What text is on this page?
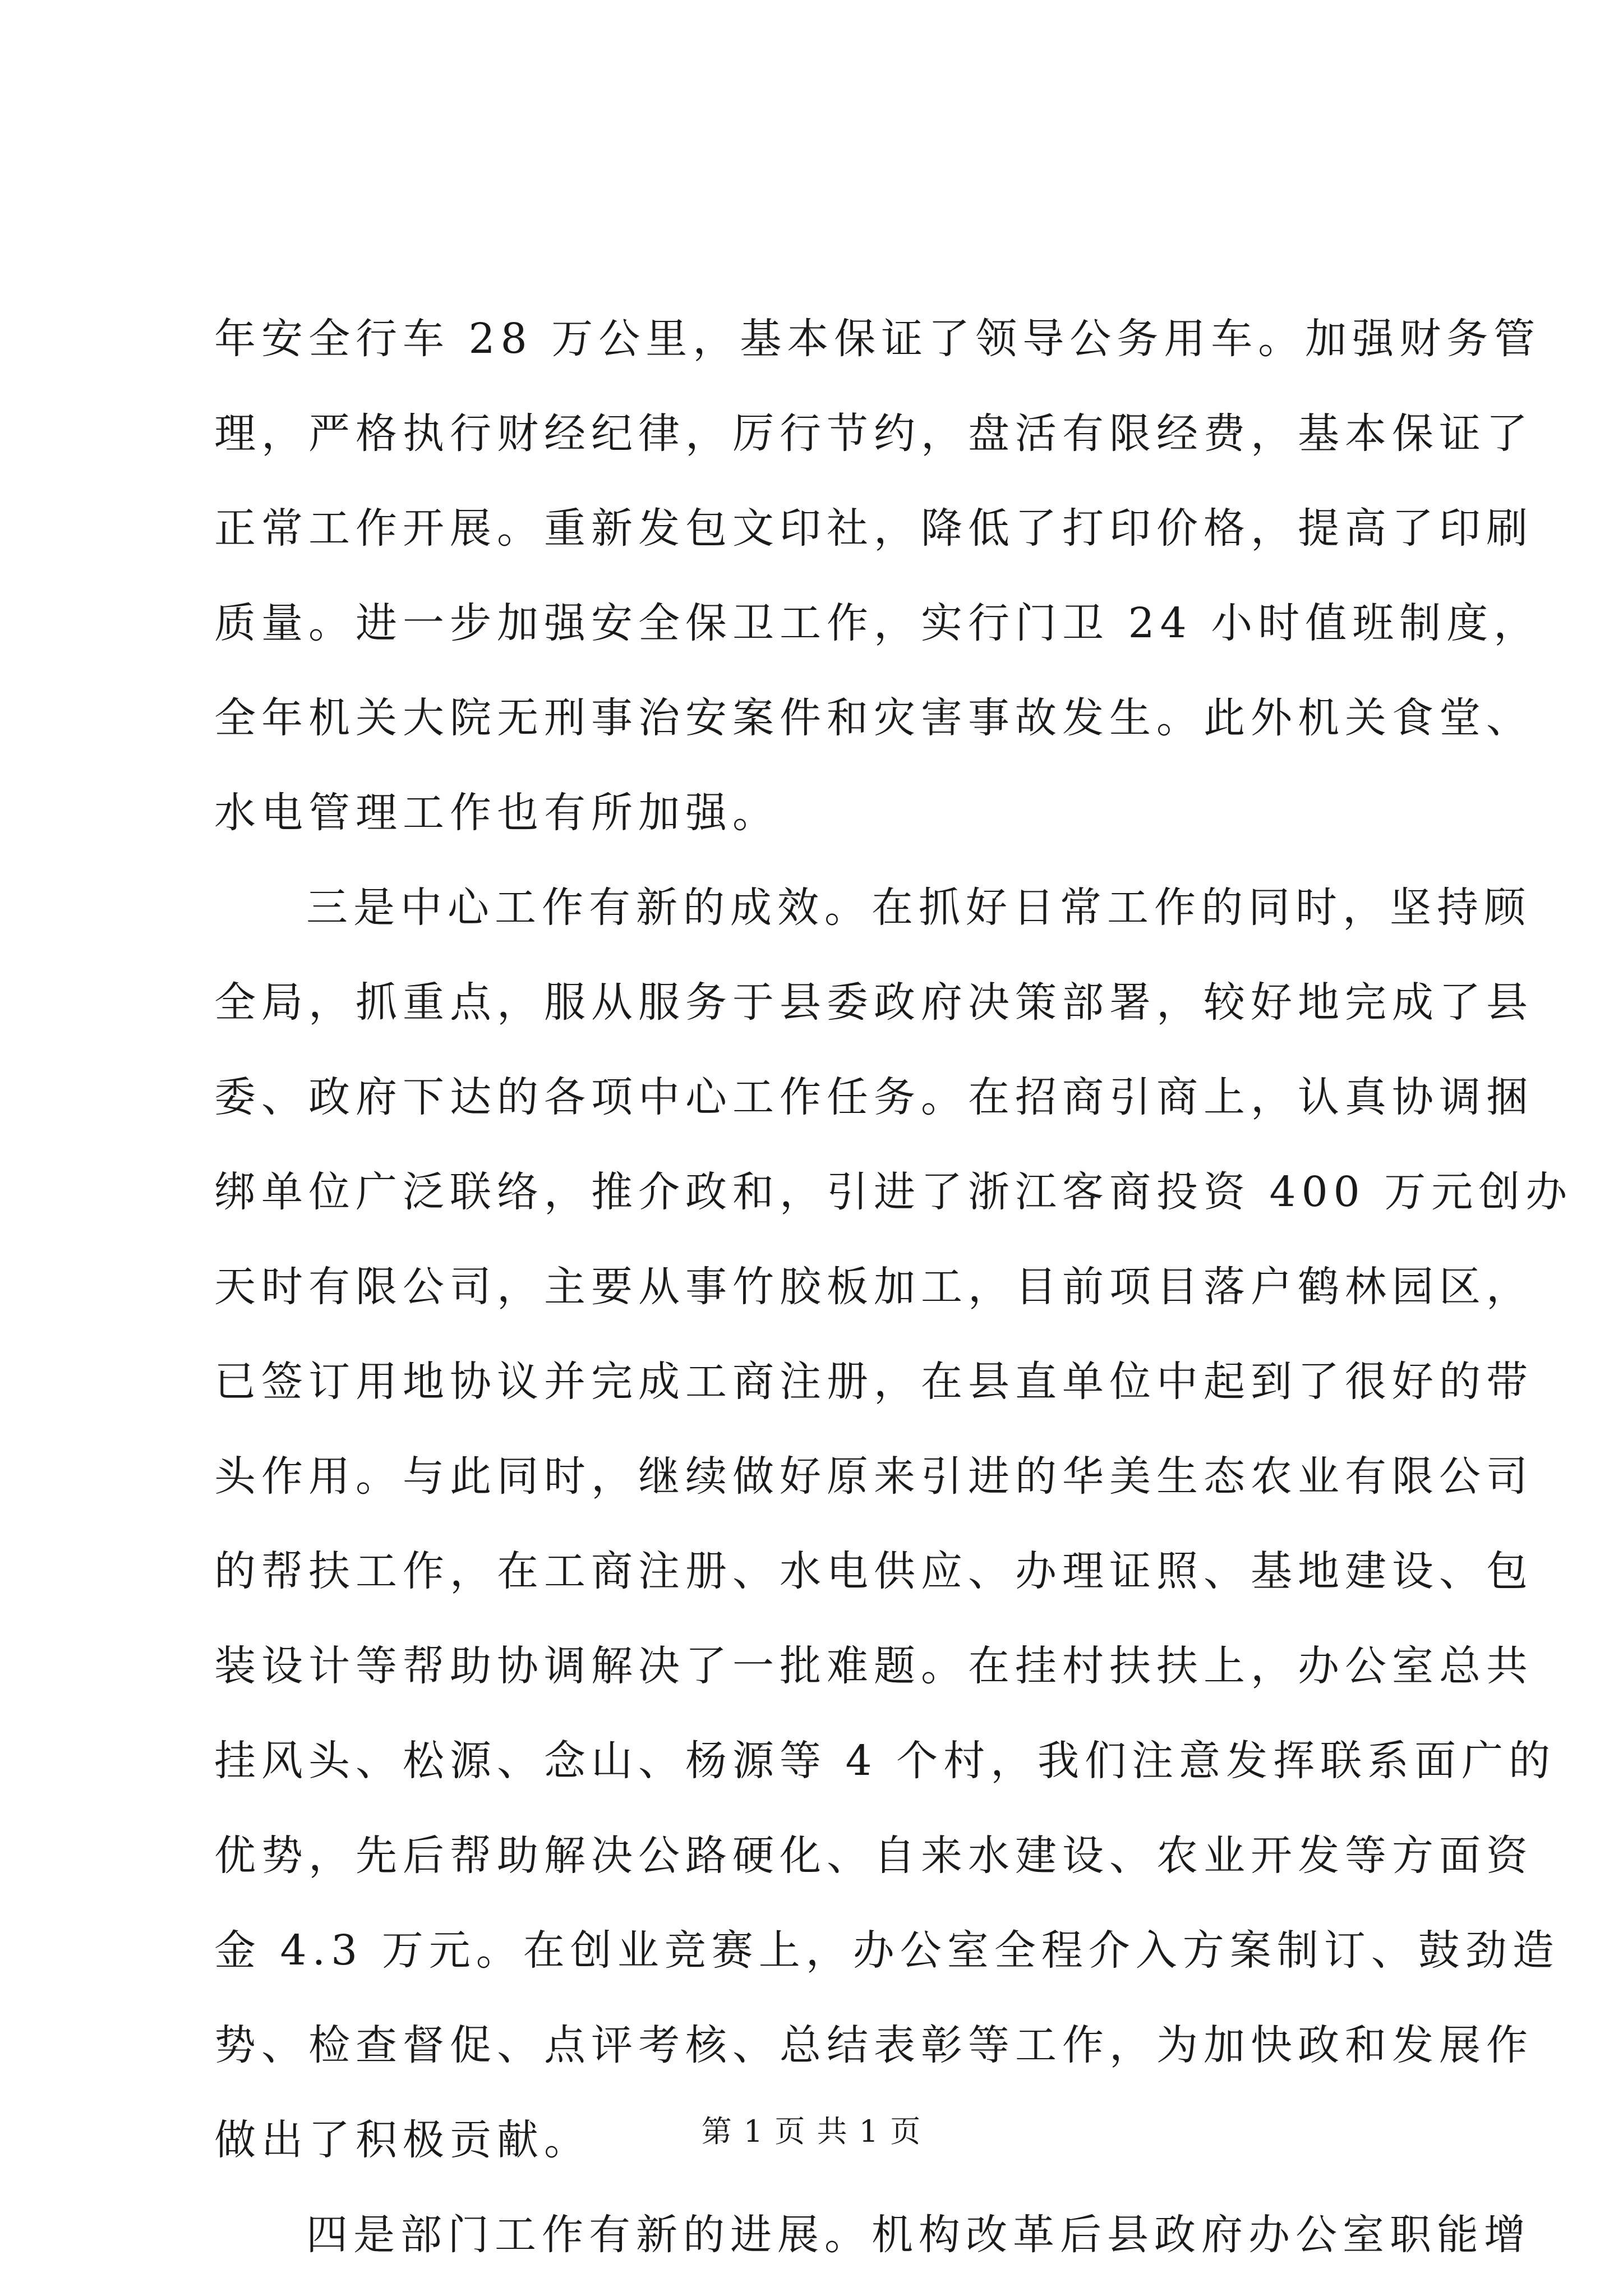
年安全行车 28 万公里，基本保证了领导公务用车。加强财务管
理，严格执行财经纪律，厉行节约，盘活有限经费，基本保证了
正常工作开展。重新发包文印社，降低了打印价格，提高了印刷
质量。进一步加强安全保卫工作，实行门卫 24 小时值班制度，
全年机关大院无刑事治安案件和灾害事故发生。此外机关食堂、
水电管理工作也有所加强。
三是中心工作有新的成效。在抓好日常工作的同时，坚持顾
全局，抓重点，服从服务于县委政府决策部署，较好地完成了县
委、政府下达的各项中心工作任务。在招商引商上，认真协调捆
绑单位广泛联络，推介政和，引进了浙江客商投资 400 万元创办
天时有限公司，主要从事竹胶板加工，目前项目落户鹤林园区，
已签订用地协议并完成工商注册，在县直单位中起到了很好的带
头作用。与此同时，继续做好原来引进的华美生态农业有限公司
的帮扶工作，在工商注册、水电供应、办理证照、基地建设、包
装设计等帮助协调解决了一批难题。在挂村扶扶上，办公室总共
挂风头、松源、念山、杨源等 4 个村，我们注意发挥联系面广的
优势，先后帮助解决公路硬化、自来水建设、农业开发等方面资
金 4.3 万元。在创业竞赛上，办公室全程介入方案制订、鼓劲造
势、检查督促、点评考核、总结表彰等工作，为加快政和发展作
做出了积极贡献。
四是部门工作有新的进展。机构改革后县政府办公室职能增
第 1 页 共 1 页
